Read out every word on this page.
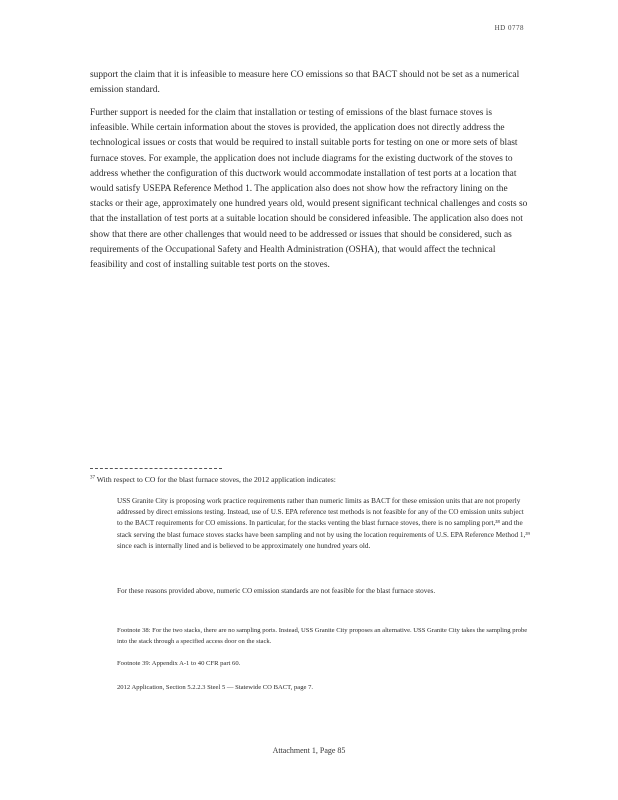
HD 0778

support the claim that it is infeasible to measure here CO emissions so that BACT should not be set as a numerical emission standard.

Further support is needed for the claim that installation or testing of emissions of the blast furnace stoves is infeasible. While certain information about the stoves is provided, the application does not directly address the technological issues or costs that would be required to install suitable ports for testing on one or more sets of blast furnace stoves. For example, the application does not include diagrams for the existing ductwork of the stoves to address whether the configuration of this ductwork would accommodate installation of test ports at a location that would satisfy USEPA Reference Method 1. The application also does not show how the refractory lining on the stacks or their age, approximately one hundred years old, would present significant technical challenges and costs so that the installation of test ports at a suitable location should be considered infeasible. The application also does not show that there are other challenges that would need to be addressed or issues that should be considered, such as requirements of the Occupational Safety and Health Administration (OSHA), that would affect the technical feasibility and cost of installing suitable test ports on the stoves.

$^{37}$ With respect to CO for the blast furnace stoves, the 2012 application indicates:

USS Granite City is proposing work practice requirements rather than numeric limits as BACT for these emission units that are not properly addressed by direct emissions testing. Instead, use of U.S. EPA reference test methods is not feasible for any of the CO emission units subject to the BACT requirements for CO emissions. In particular, for the stacks venting the blast furnace stoves, there is no sampling port,³⁸ and the stack serving the blast furnace stoves stacks have been sampling and not by using the location requirements of U.S. EPA Reference Method 1,³⁹ since each is internally lined and is believed to be approximately one hundred years old.

For these reasons provided above, numeric CO emission standards are not feasible for the blast furnace stoves.

Footnote 38: For the two stacks, there are no sampling ports. Instead, USS Granite City proposes an alternative. USS Granite City takes the sampling probe into the stack through a specified access door on the stack.

Footnote 39: Appendix A-1 to 40 CFR part 60.

2012 Application, Section 5.2.2.3 Steel 5 — Statewide CO BACT, page 7.

Attachment 1, Page 85
